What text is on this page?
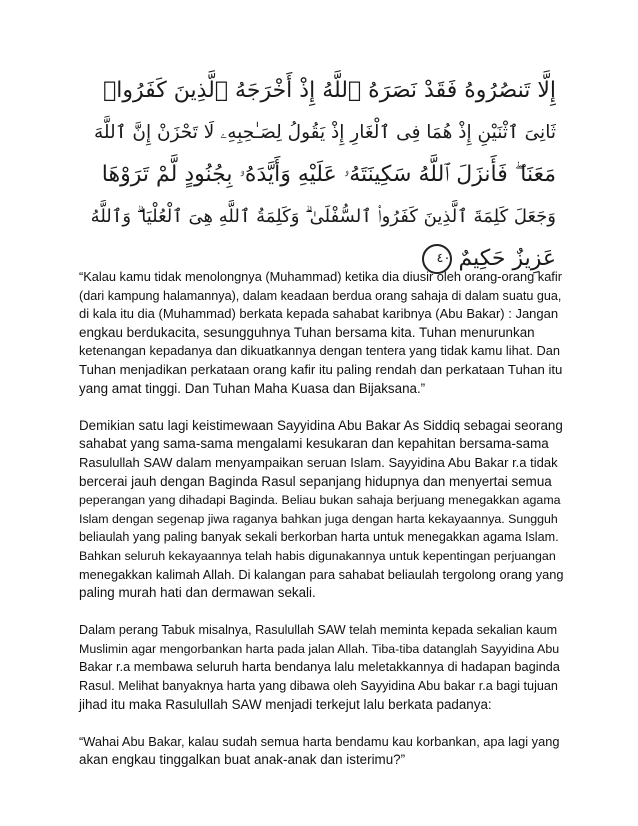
إِلَّا تَنصُرُوهُ فَقَدْ نَصَرَهُ ٱللَّهُ إِذْ أَخْرَجَهُ ٱلَّذِينَ كَفَرُوا۟
ثَانِىَ ٱثْنَيْنِ إِذْ هُمَا فِى ٱلْغَارِ إِذْ يَقُولُ لِصَـٰحِبِهِۦ لَا تَحْزَنْ إِنَّ ٱللَّهَ
مَعَنَا ۖ فَأَنزَلَ ٱللَّهُ سَكِينَتَهُۥ عَلَيْهِ وَأَيَّدَهُۥ بِجُنُودٍ لَّمْ تَرَوْهَا
وَجَعَلَ كَلِمَةَ ٱلَّذِينَ كَفَرُوا۟ ٱلسُّفْلَىٰ ۗ وَكَلِمَةُ ٱللَّهِ هِىَ ٱلْعُلْيَا ۗ وَٱللَّهُ
عَزِيزٌ حَكِيمٌ٤٠

“Kalau kamu tidak menolongnya (Muhammad) ketika dia diusir oleh orang-orang kafir
(dari kampung halamannya), dalam keadaan berdua orang sahaja di dalam suatu gua,
di kala itu dia (Muhammad) berkata kepada sahabat karibnya (Abu Bakar) : Jangan
engkau berdukacita, sesungguhnya Tuhan bersama kita. Tuhan menurunkan
ketenangan kepadanya dan dikuatkannya dengan tentera yang tidak kamu lihat. Dan
Tuhan menjadikan perkataan orang kafir itu paling rendah dan perkataan Tuhan itu
yang amat tinggi. Dan Tuhan Maha Kuasa dan Bijaksana.”

Demikian satu lagi keistimewaan Sayyidina Abu Bakar As Siddiq sebagai seorang
sahabat yang sama-sama mengalami kesukaran dan kepahitan bersama-sama
Rasulullah SAW dalam menyampaikan seruan Islam. Sayyidina Abu Bakar r.a tidak
bercerai jauh dengan Baginda Rasul sepanjang hidupnya dan menyertai semua
peperangan yang dihadapi Baginda. Beliau bukan sahaja berjuang menegakkan agama
Islam dengan segenap jiwa raganya bahkan juga dengan harta kekayaannya. Sungguh
beliaulah yang paling banyak sekali berkorban harta untuk menegakkan agama Islam.
Bahkan seluruh kekayaannya telah habis digunakannya untuk kepentingan perjuangan
menegakkan kalimah Allah. Di kalangan para sahabat beliaulah tergolong orang yang
paling murah hati dan dermawan sekali.

Dalam perang Tabuk misalnya, Rasulullah SAW telah meminta kepada sekalian kaum
Muslimin agar mengorbankan harta pada jalan Allah. Tiba-tiba datanglah Sayyidina Abu
Bakar r.a membawa seluruh harta bendanya lalu meletakkannya di hadapan baginda
Rasul. Melihat banyaknya harta yang dibawa oleh Sayyidina Abu bakar r.a bagi tujuan
jihad itu maka Rasulullah SAW menjadi terkejut lalu berkata padanya:

“Wahai Abu Bakar, kalau sudah semua harta bendamu kau korbankan, apa lagi yang
akan engkau tinggalkan buat anak-anak dan isterimu?”
